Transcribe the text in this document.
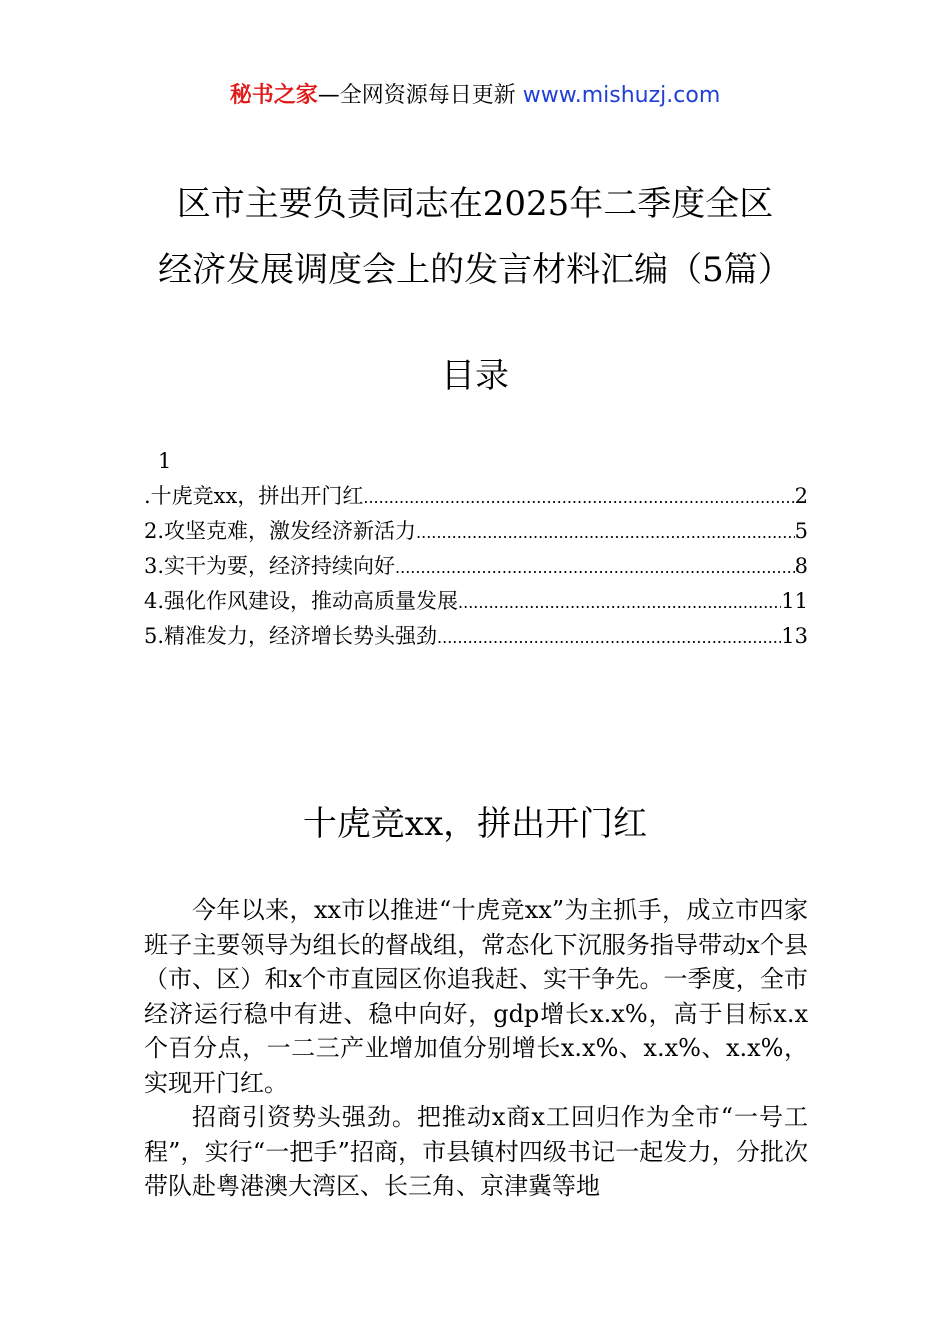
秘书之家—全网资源每日更新 www.mishuzj.com
区市主要负责同志在2025年二季度全区
经济发展调度会上的发言材料汇编（5篇）
目录
1
.十虎竞xx，拼出开门红 .....	2
2.攻坚克难，激发经济新活力 .....	5
3.实干为要，经济持续向好 .....	8
4.强化作风建设，推动高质量发展 .....	11
5.精准发力，经济增长势头强劲 .....	13
十虎竞xx，拼出开门红

今年以来，xx市以推进“十虎竞xx”为主抓手，成立市四家班子主要领导为组长的督战组，常态化下沉服务指导带动x个县（市、区）和x个市直园区你追我赶、实干争先。一季度，全市经济运行稳中有进、稳中向好，gdp增长x.x%，高于目标x.x个百分点，一二三产业增加值分别增长x.x%、x.x%、x.x%，实现开门红。

招商引资势头强劲。把推动x商x工回归作为全市“一号工程”，实行“一把手”招商，市县镇村四级书记一起发力，分批次带队赴粤港澳大湾区、长三角、京津冀等地
